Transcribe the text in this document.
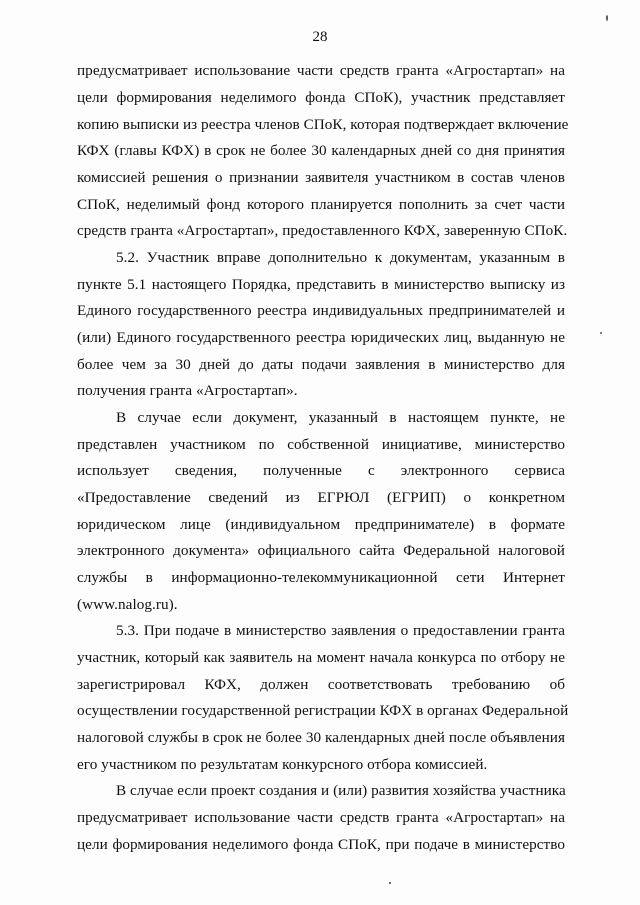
28
предусматривает использование части средств гранта «Агростартап» на
цели формирования неделимого фонда СПоК), участник представляет
копию выписки из реестра членов СПоК, которая подтверждает включение
КФХ (главы КФХ) в срок не более 30 календарных дней со дня принятия
комиссией решения о признании заявителя участником в состав членов
СПоК, неделимый фонд которого планируется пополнить за счет части
средств гранта «Агростартап», предоставленного КФХ, заверенную СПоК.
5.2. Участник вправе дополнительно к документам, указанным в
пункте 5.1 настоящего Порядка, представить в министерство выписку из
Единого государственного реестра индивидуальных предпринимателей и
(или) Единого государственного реестра юридических лиц, выданную не
более чем за 30 дней до даты подачи заявления в министерство для
получения гранта «Агростартап».
В случае если документ, указанный в настоящем пункте, не
представлен участником по собственной инициативе, министерство
использует сведения, полученные с электронного сервиса
«Предоставление сведений из ЕГРЮЛ (ЕГРИП) о конкретном
юридическом лице (индивидуальном предпринимателе) в формате
электронного документа» официального сайта Федеральной налоговой
службы в информационно-телекоммуникационной сети Интернет
(www.nalog.ru).
5.3. При подаче в министерство заявления о предоставлении гранта
участник, который как заявитель на момент начала конкурса по отбору не
зарегистрировал КФХ, должен соответствовать требованию об
осуществлении государственной регистрации КФХ в органах Федеральной
налоговой службы в срок не более 30 календарных дней после объявления
его участником по результатам конкурсного отбора комиссией.
В случае если проект создания и (или) развития хозяйства участника
предусматривает использование части средств гранта «Агростартап» на
цели формирования неделимого фонда СПоК, при подаче в министерство
